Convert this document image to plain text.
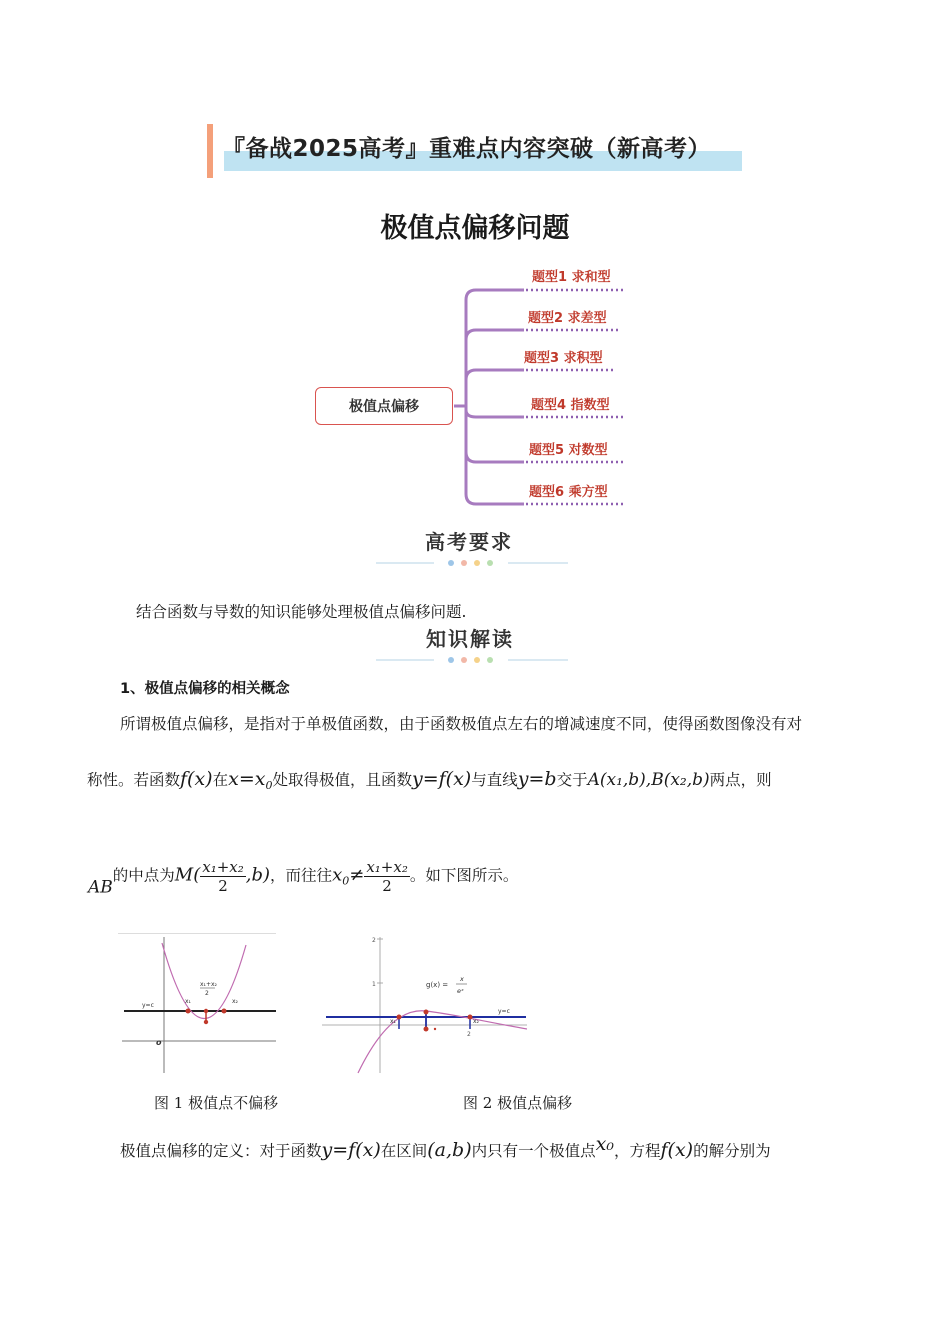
『备战2025高考』重难点内容突破（新高考）
极值点偏移问题
极值点偏移
题型1 求和型
题型2 求差型
题型3 求积型
题型4 指数型
题型5 对数型
题型6 乘方型
高考要求
结合函数与导数的知识能够处理极值点偏移问题.
知识解读
1、极值点偏移的相关概念
所谓极值点偏移，是指对于单极值函数，由于函数极值点左右的增减速度不同，使得函数图像没有对
称性。若函数f(x)在$x=x_0$处取得极值，且函数y=f(x)与直线y=b交于A(x₁,b),B(x₂,b)两点，则
AB的中点为$M( \frac{\text{x₁+x₂}}{2} ,b)$，而往往$x_0\ne \frac{\text{x₁+x₂}}{2}$ 。如下图所示。
y=c
x₁	x₂
x₁+x₂
2
o
图 1 极值点不偏移
2
1	g(x) =
x
eˣ
y=c
x₁	x₂
2
图 2 极值点偏移
极值点偏移的定义：对于函数y=f(x)在区间(a,b)内只有一个极值点x₀，方程f(x)的解分别为
